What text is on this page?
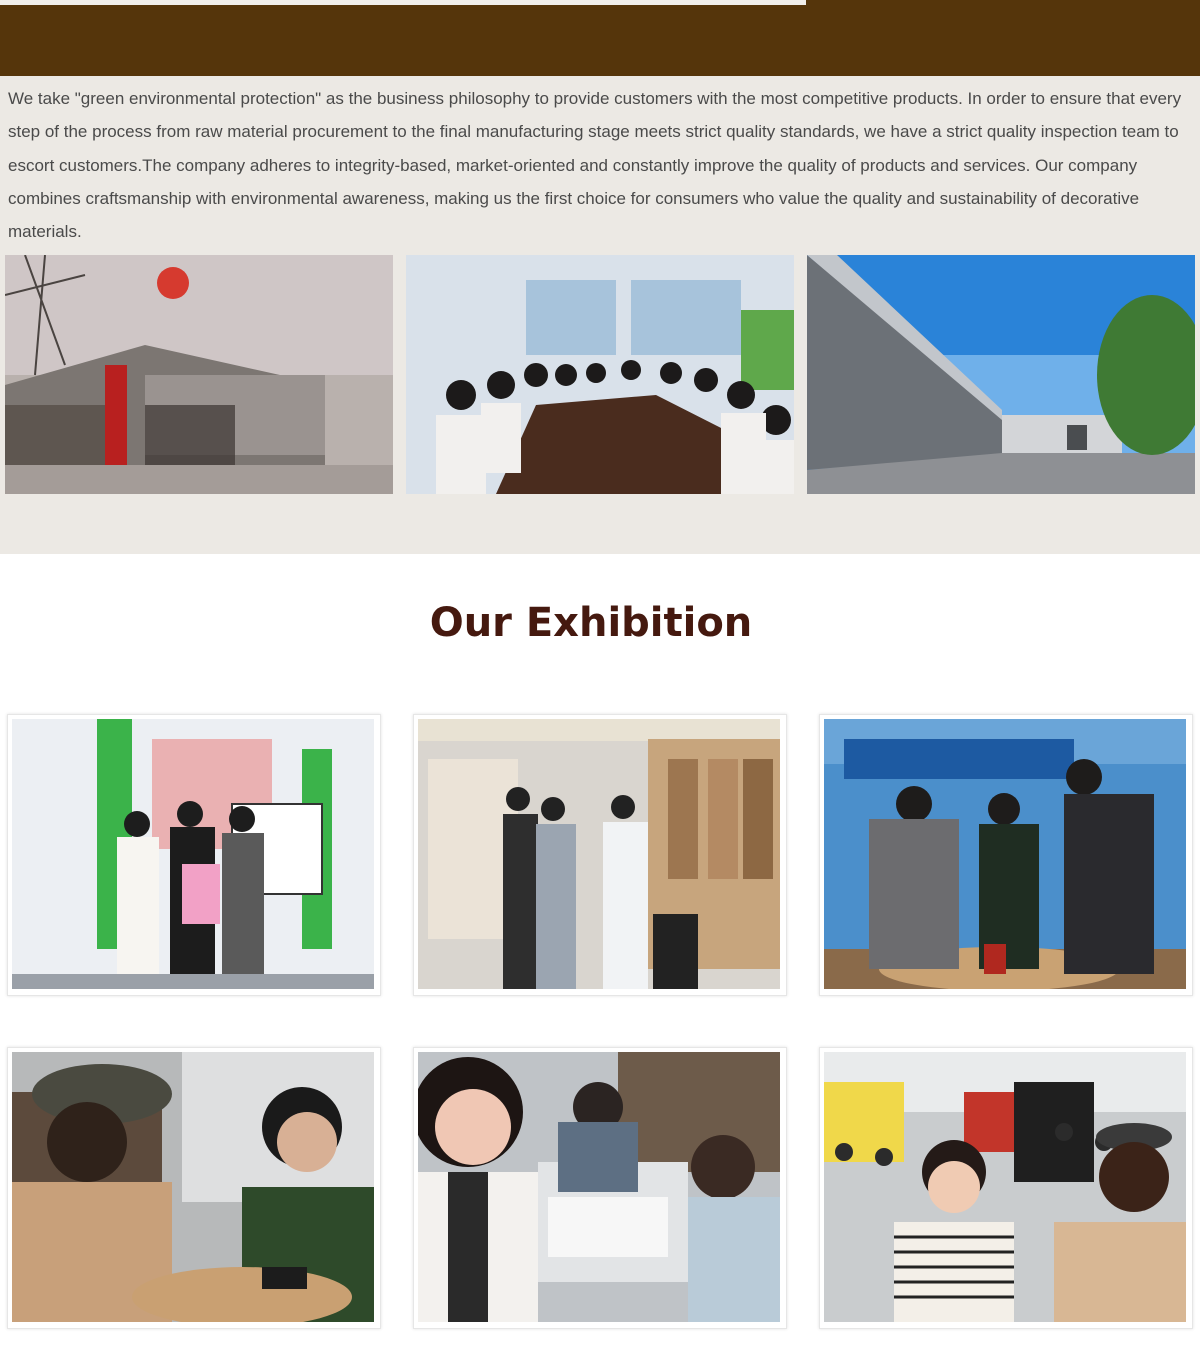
We take "green environmental protection" as the business philosophy to provide customers with the most competitive products. In order to ensure that every step of the process from raw material procurement to the final manufacturing stage meets strict quality standards, we have a strict quality inspection team to escort customers.The company adheres to integrity-based, market-oriented and constantly improve the quality of products and services. Our company combines craftsmanship with environmental awareness, making us the first choice for consumers who value the quality and sustainability of decorative materials.

Our Exhibition
